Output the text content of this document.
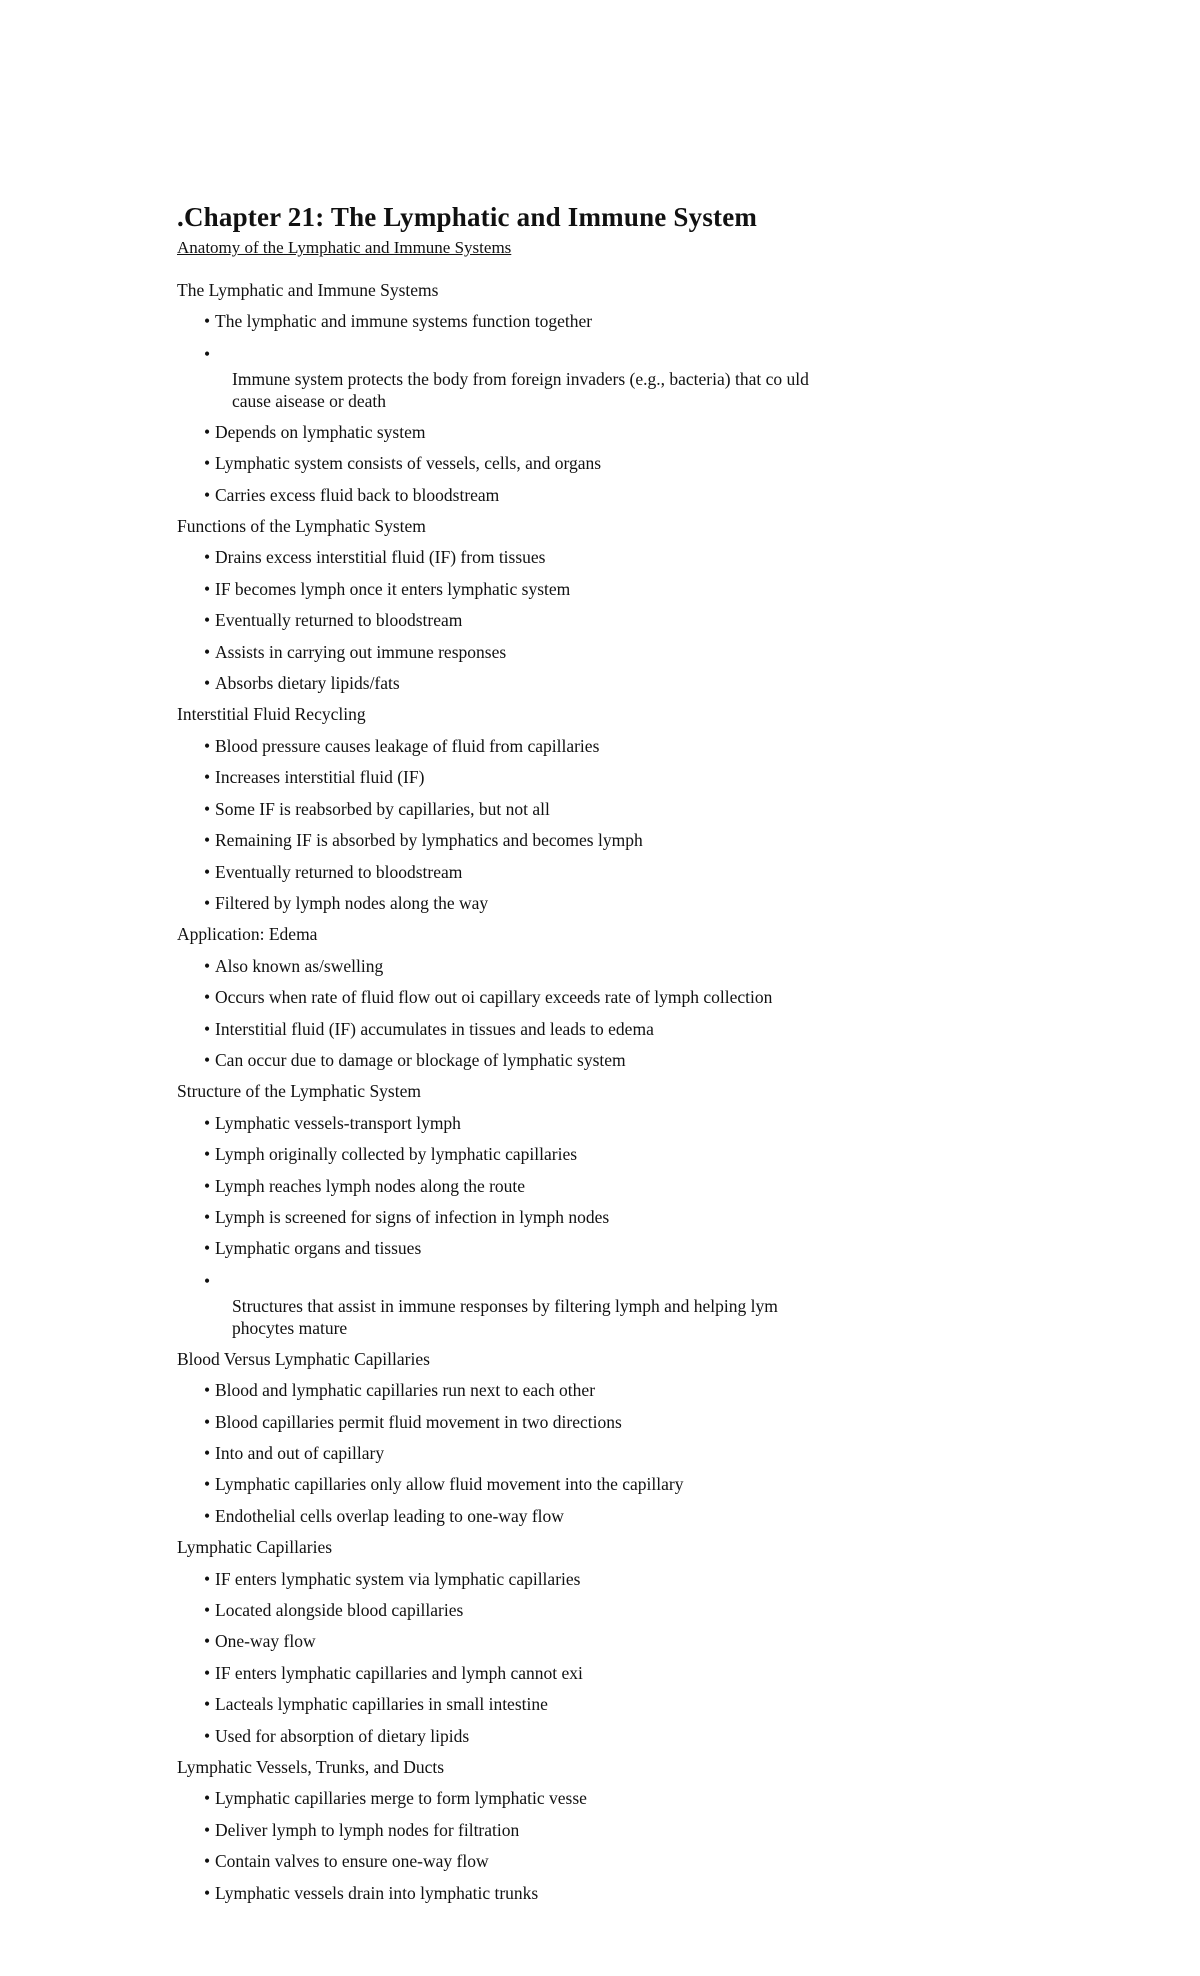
.Chapter 21: The Lymphatic and Immune System
Anatomy of the Lymphatic and Immune Systems
The Lymphatic and Immune Systems
• The lymphatic and immune systems function together
•
Immune system protects the body from foreign invaders (e.g., bacteria) that co uld cause aisease or death
• Depends on lymphatic system
• Lymphatic system consists of vessels, cells, and organs
• Carries excess fluid back to bloodstream
Functions of the Lymphatic System
• Drains excess interstitial fluid (IF) from tissues
• IF becomes lymph once it enters lymphatic system
• Eventually returned to bloodstream
• Assists in carrying out immune responses
• Absorbs dietary lipids/fats
Interstitial Fluid Recycling
• Blood pressure causes leakage of fluid from capillaries
• Increases interstitial fluid (IF)
• Some IF is reabsorbed by capillaries, but not all
• Remaining IF is absorbed by lymphatics and becomes lymph
• Eventually returned to bloodstream
• Filtered by lymph nodes along the way
Application: Edema
• Also known as/swelling
• Occurs when rate of fluid flow out oi capillary exceeds rate of lymph collection
• Interstitial fluid (IF) accumulates in tissues and leads to edema
• Can occur due to damage or blockage of lymphatic system
Structure of the Lymphatic System
• Lymphatic vessels-transport lymph
• Lymph originally collected by lymphatic capillaries
• Lymph reaches lymph nodes along the route
• Lymph is screened for signs of infection in lymph nodes
• Lymphatic organs and tissues
•
Structures that assist in immune responses by filtering lymph and helping lym phocytes mature
Blood Versus Lymphatic Capillaries
• Blood and lymphatic capillaries run next to each other
• Blood capillaries permit fluid movement in two directions
• Into and out of capillary
• Lymphatic capillaries only allow fluid movement into the capillary
• Endothelial cells overlap leading to one-way flow
Lymphatic Capillaries
• IF enters lymphatic system via lymphatic capillaries
• Located alongside blood capillaries
• One-way flow
• IF enters lymphatic capillaries and lymph cannot exi
• Lacteals lymphatic capillaries in small intestine
• Used for absorption of dietary lipids
Lymphatic Vessels, Trunks, and Ducts
• Lymphatic capillaries merge to form lymphatic vesse
• Deliver lymph to lymph nodes for filtration
• Contain valves to ensure one-way flow
• Lymphatic vessels drain into lymphatic trunks
